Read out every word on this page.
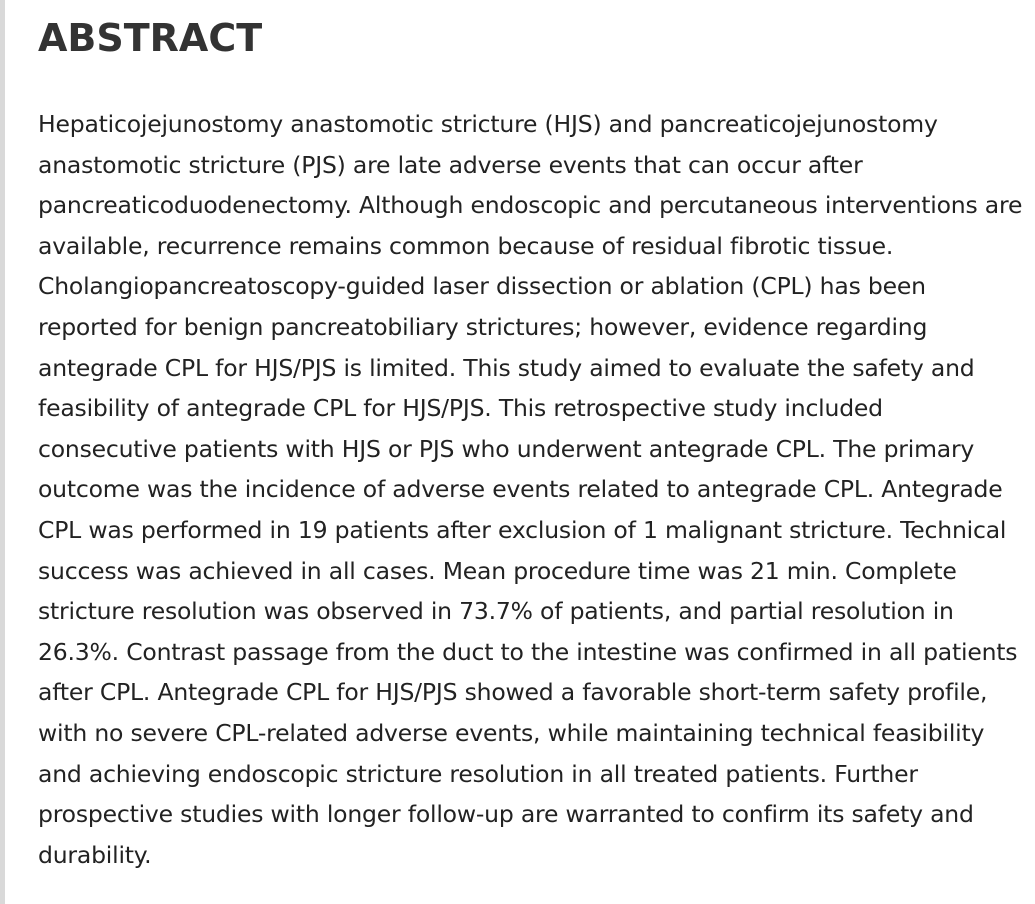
ABSTRACT

Hepaticojejunostomy anastomotic stricture (HJS) and pancreaticojejunostomy anastomotic stricture (PJS) are late adverse events that can occur after pancreaticoduodenectomy. Although endoscopic and percutaneous interventions are available, recurrence remains common because of residual fibrotic tissue. Cholangiopancreatoscopy-guided laser dissection or ablation (CPL) has been reported for benign pancreatobiliary strictures; however, evidence regarding antegrade CPL for HJS/PJS is limited. This study aimed to evaluate the safety and feasibility of antegrade CPL for HJS/PJS. This retrospective study included consecutive patients with HJS or PJS who underwent antegrade CPL. The primary outcome was the incidence of adverse events related to antegrade CPL. Antegrade CPL was performed in 19 patients after exclusion of 1 malignant stricture. Technical success was achieved in all cases. Mean procedure time was 21 min. Complete stricture resolution was observed in 73.7% of patients, and partial resolution in 26.3%. Contrast passage from the duct to the intestine was confirmed in all patients after CPL. Antegrade CPL for HJS/PJS showed a favorable short-term safety profile, with no severe CPL-related adverse events, while maintaining technical feasibility and achieving endoscopic stricture resolution in all treated patients. Further prospective studies with longer follow-up are warranted to confirm its safety and durability.
